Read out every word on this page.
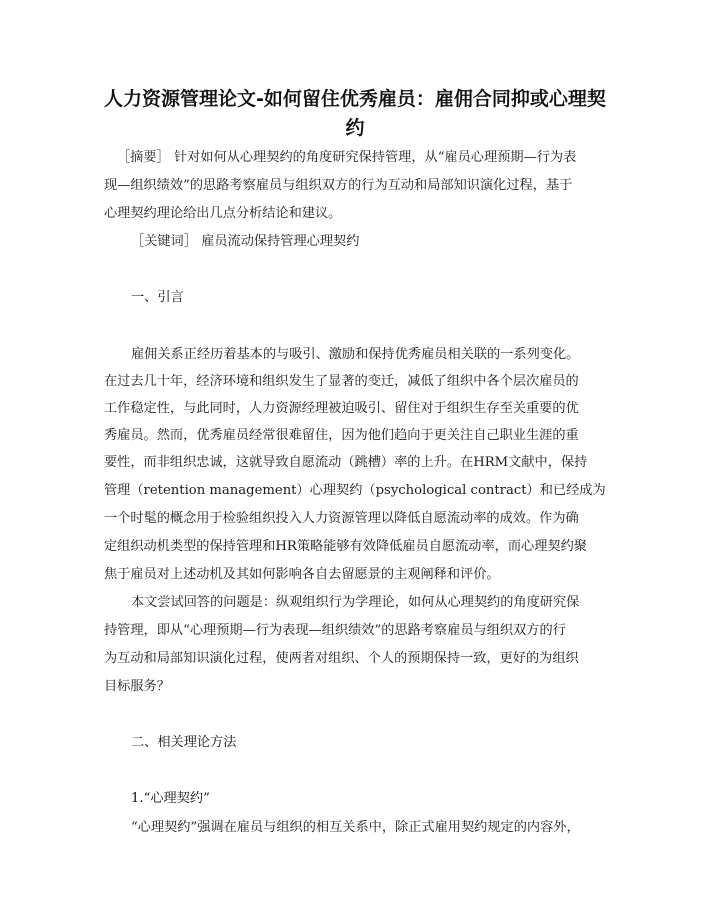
人力资源管理论文-如何留住优秀雇员：雇佣合同抑或心理契约
［摘要］ 针对如何从心理契约的角度研究保持管理，从“雇员心理预期—行为表
现—组织绩效”的思路考察雇员与组织双方的行为互动和局部知识演化过程，基于
心理契约理论给出几点分析结论和建议。
［关键词］ 雇员流动保持管理心理契约
一、引言
雇佣关系正经历着基本的与吸引、激励和保持优秀雇员相关联的一系列变化。
在过去几十年，经济环境和组织发生了显著的变迁，减低了组织中各个层次雇员的
工作稳定性，与此同时，人力资源经理被迫吸引、留住对于组织生存至关重要的优
秀雇员。然而，优秀雇员经常很难留住，因为他们趋向于更关注自己职业生涯的重
要性，而非组织忠诚，这就导致自愿流动（跳槽）率的上升。在HRM文献中，保持
管理（retention management）心理契约（psychological contract）和已经成为
一个时髦的概念用于检验组织投入人力资源管理以降低自愿流动率的成效。作为确
定组织动机类型的保持管理和HR策略能够有效降低雇员自愿流动率，而心理契约聚
焦于雇员对上述动机及其如何影响各自去留愿景的主观阐释和评价。
本文尝试回答的问题是：纵观组织行为学理论，如何从心理契约的角度研究保
持管理，即从“心理预期—行为表现—组织绩效”的思路考察雇员与组织双方的行
为互动和局部知识演化过程，使两者对组织、个人的预期保持一致，更好的为组织
目标服务？
二、相关理论方法
1.“心理契约”
“心理契约”强调在雇员与组织的相互关系中，除正式雇用契约规定的内容外，
